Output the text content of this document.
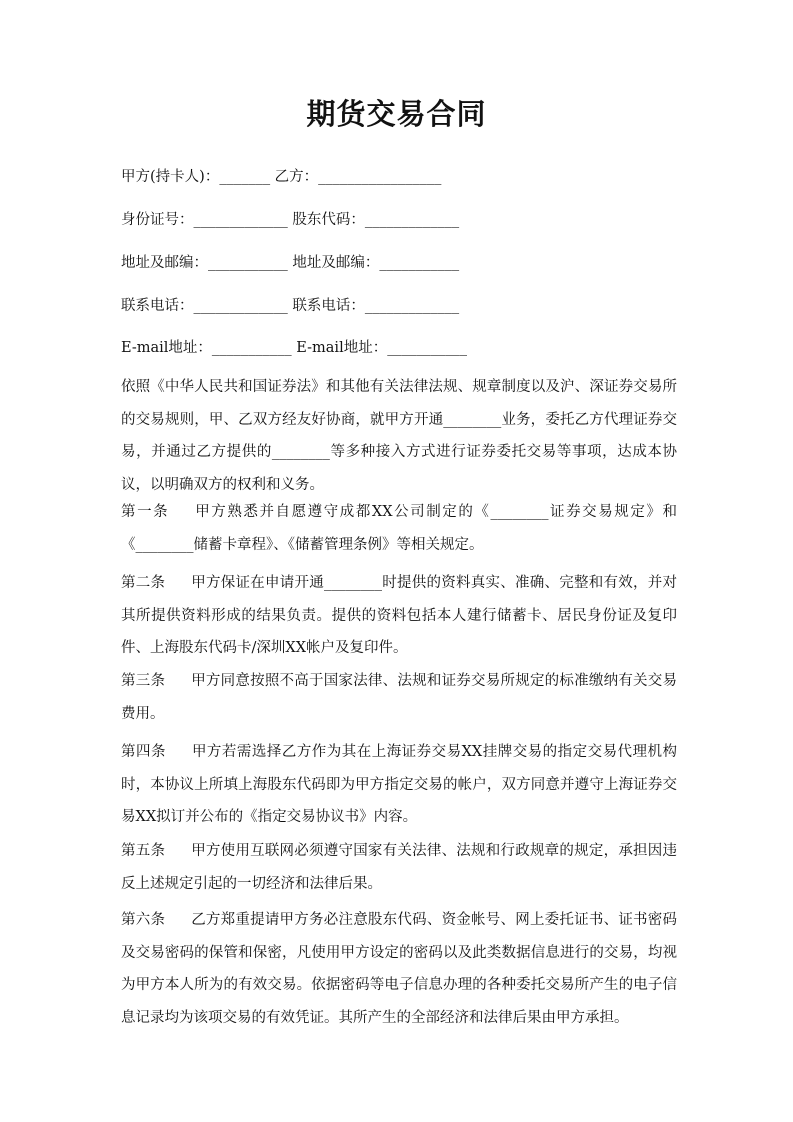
期货交易合同
甲方(持卡人)：_______ 乙方：_________________
身份证号：_____________ 股东代码：_____________
地址及邮编：___________ 地址及邮编：___________
联系电话：_____________ 联系电话：_____________
E-mail地址：___________ E-mail地址：___________
依照《中华人民共和国证券法》和其他有关法律法规、规章制度以及沪、深证券交易所的交易规则，甲、乙双方经友好协商，就甲方开通________业务，委托乙方代理证券交易，并通过乙方提供的________等多种接入方式进行证券委托交易等事项，达成本协议，以明确双方的权利和义务。
第一条 甲方熟悉并自愿遵守成都XX公司制定的《________证券交易规定》和《________储蓄卡章程》、《储蓄管理条例》等相关规定。
第二条 甲方保证在申请开通________时提供的资料真实、准确、完整和有效，并对其所提供资料形成的结果负责。提供的资料包括本人建行储蓄卡、居民身份证及复印件、上海股东代码卡/深圳XX帐户及复印件。
第三条 甲方同意按照不高于国家法律、法规和证券交易所规定的标准缴纳有关交易费用。
第四条 甲方若需选择乙方作为其在上海证券交易XX挂牌交易的指定交易代理机构时，本协议上所填上海股东代码即为甲方指定交易的帐户，双方同意并遵守上海证券交易XX拟订并公布的《指定交易协议书》内容。
第五条 甲方使用互联网必须遵守国家有关法律、法规和行政规章的规定，承担因违反上述规定引起的一切经济和法律后果。
第六条 乙方郑重提请甲方务必注意股东代码、资金帐号、网上委托证书、证书密码及交易密码的保管和保密，凡使用甲方设定的密码以及此类数据信息进行的交易，均视为甲方本人所为的有效交易。依据密码等电子信息办理的各种委托交易所产生的电子信息记录均为该项交易的有效凭证。其所产生的全部经济和法律后果由甲方承担。
